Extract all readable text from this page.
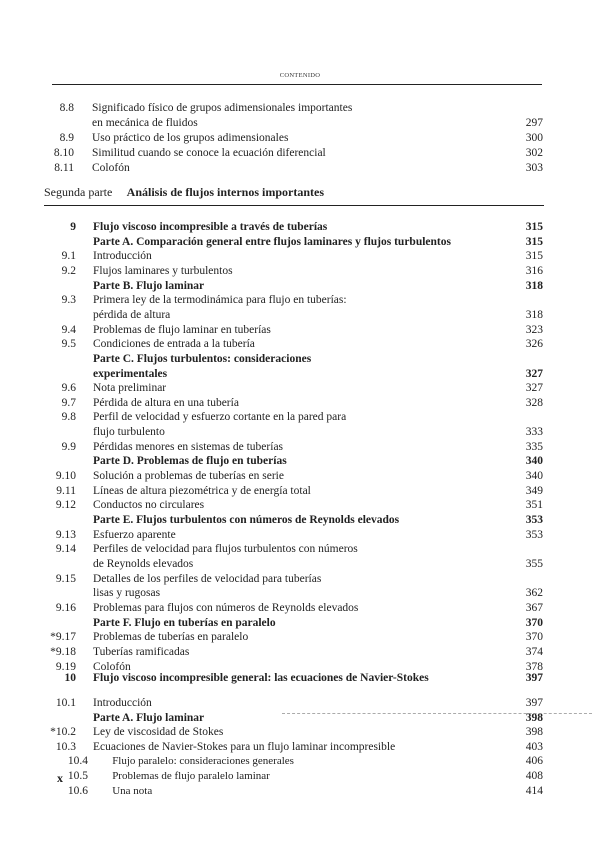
CONTENIDO
8.8 Significado físico de grupos adimensionales importantes
en mecánica de fluidos	297
8.9 Uso práctico de los grupos adimensionales	300
8.10 Similitud cuando se conoce la ecuación diferencial	302
8.11 Colofón	303
Segunda parte Análisis de flujos internos importantes
9 Flujo viscoso incompresible a través de tuberías	315
Parte A. Comparación general entre flujos laminares y flujos turbulentos	315
9.1 Introducción	315
9.2 Flujos laminares y turbulentos	316
Parte B. Flujo laminar	318
9.3 Primera ley de la termodinámica para flujo en tuberías:
pérdida de altura	318
9.4 Problemas de flujo laminar en tuberías	323
9.5 Condiciones de entrada a la tubería	326
Parte C. Flujos turbulentos: consideraciones
experimentales	327
9.6 Nota preliminar	327
9.7 Pérdida de altura en una tubería	328
9.8 Perfil de velocidad y esfuerzo cortante en la pared para
flujo turbulento	333
9.9 Pérdidas menores en sistemas de tuberías	335
Parte D. Problemas de flujo en tuberías	340
9.10 Solución a problemas de tuberías en serie	340
9.11 Líneas de altura piezométrica y de energía total	349
9.12 Conductos no circulares	351
Parte E. Flujos turbulentos con números de Reynolds elevados	353
9.13 Esfuerzo aparente	353
9.14 Perfiles de velocidad para flujos turbulentos con números
de Reynolds elevados	355
9.15 Detalles de los perfiles de velocidad para tuberías
lisas y rugosas	362
9.16 Problemas para flujos con números de Reynolds elevados	367
Parte F. Flujo en tuberías en paralelo	370
*9.17 Problemas de tuberías en paralelo	370
*9.18 Tuberías ramificadas	374
9.19 Colofón	378
10 Flujo viscoso incompresible general: las ecuaciones de Navier-Stokes	397
10.1 Introducción	397
Parte A. Flujo laminar	398
*10.2 Ley de viscosidad de Stokes	398
10.3 Ecuaciones de Navier-Stokes para un flujo laminar incompresible	403
10.4 Flujo paralelo: consideraciones generales	406
10.5 Problemas de flujo paralelo laminar	408
10.6 Una nota	414
x
